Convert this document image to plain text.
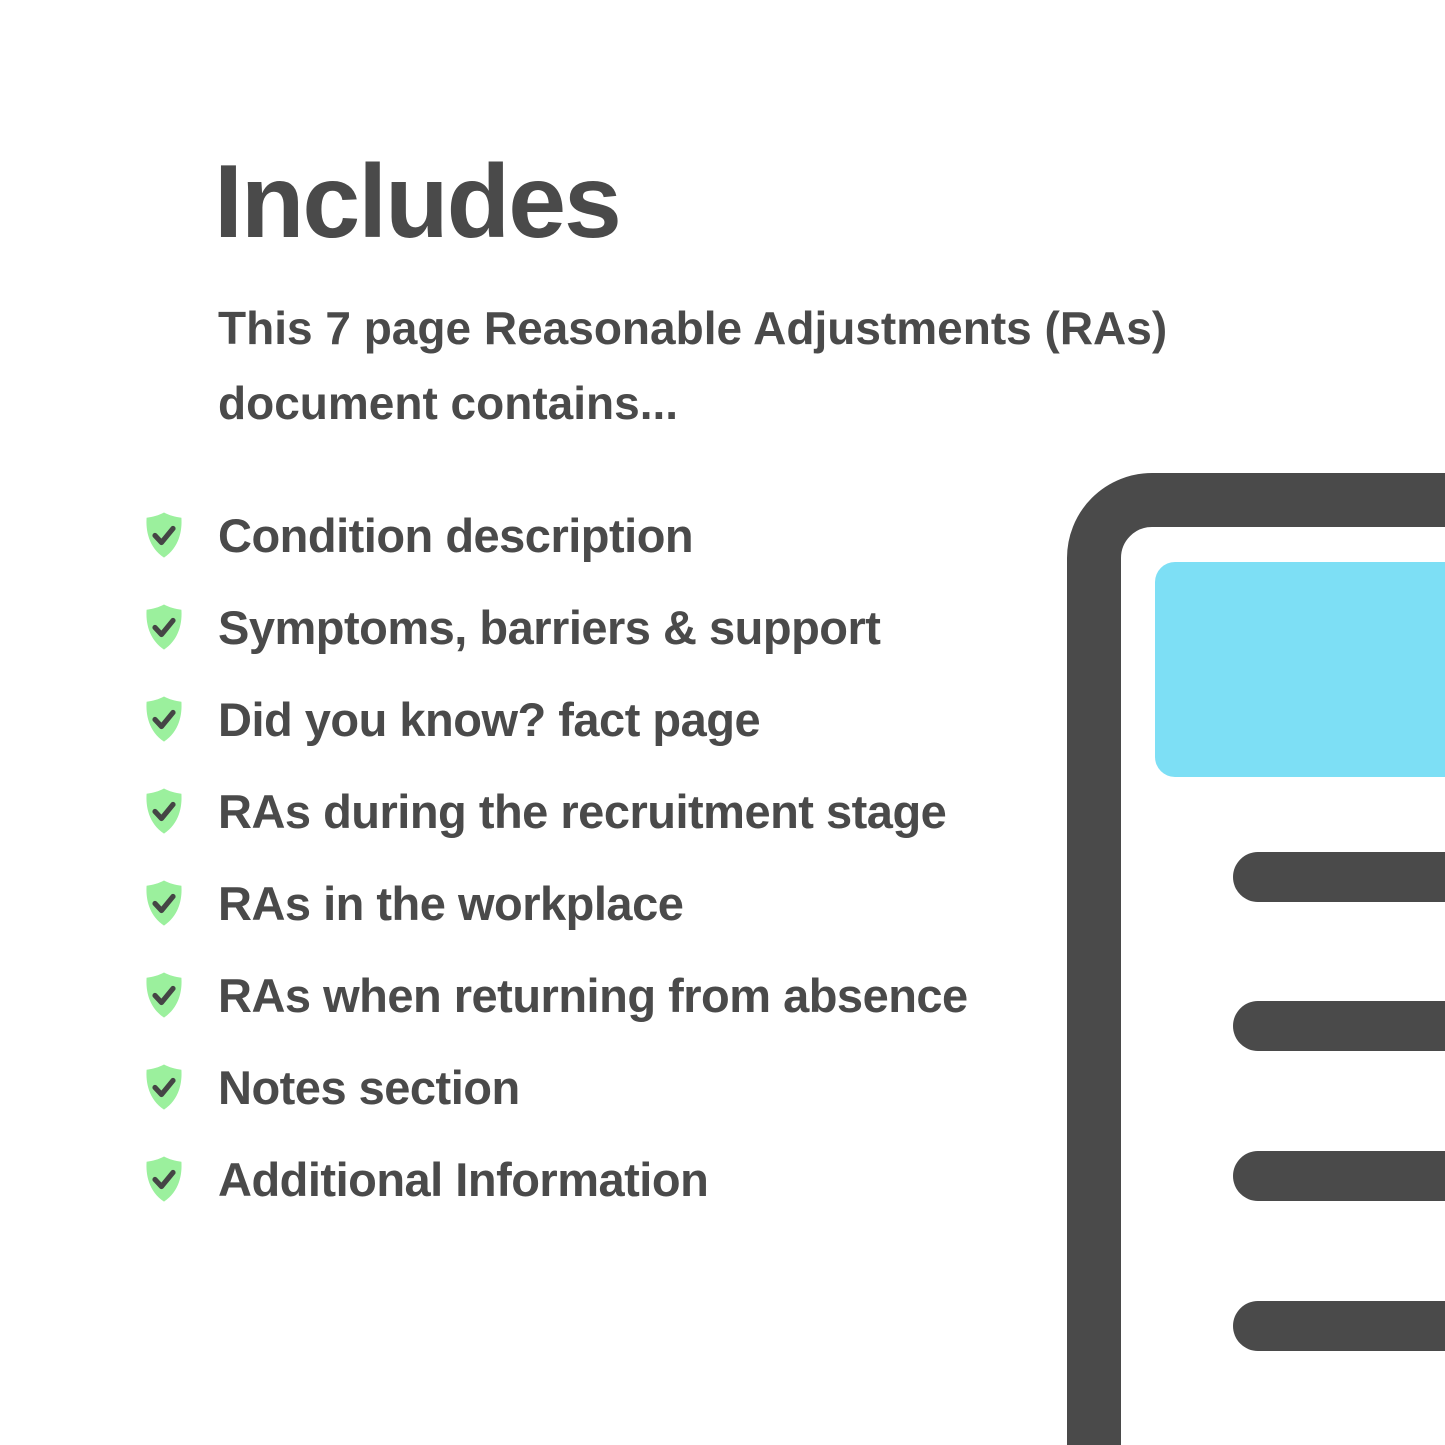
Includes
This 7 page Reasonable Adjustments (RAs)
document contains...
Condition description
Symptoms, barriers & support
Did you know? fact page
RAs during the recruitment stage
RAs in the workplace
RAs when returning from absence
Notes section
Additional Information
